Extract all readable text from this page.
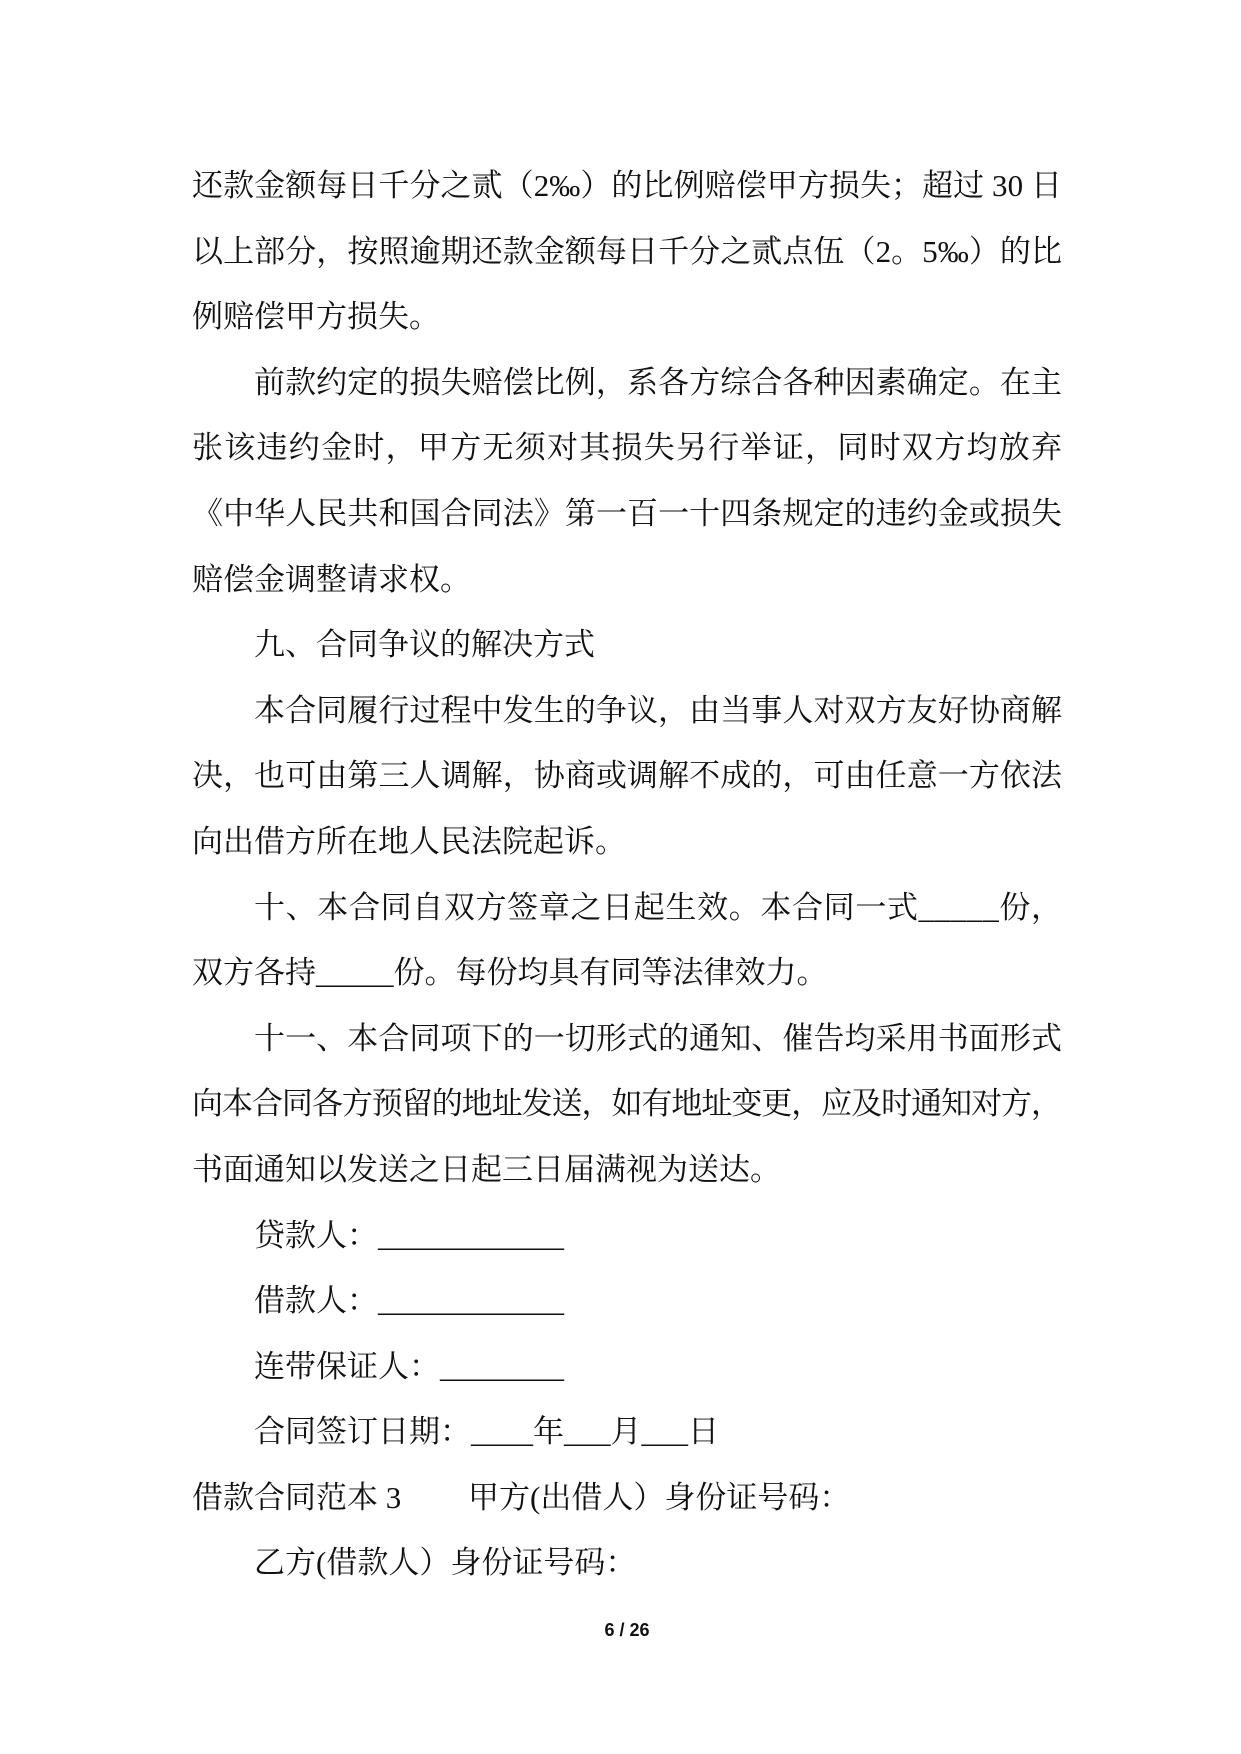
还款金额每日千分之贰（2‰）的比例赔偿甲方损失；超过 30 日
以上部分，按照逾期还款金额每日千分之贰点伍（2。5‰）的比
例赔偿甲方损失。
前款约定的损失赔偿比例，系各方综合各种因素确定。在主
张该违约金时，甲方无须对其损失另行举证，同时双方均放弃
《中华人民共和国合同法》第一百一十四条规定的违约金或损失
赔偿金调整请求权。
九、合同争议的解决方式
本合同履行过程中发生的争议，由当事人对双方友好协商解
决，也可由第三人调解，协商或调解不成的，可由任意一方依法
向出借方所在地人民法院起诉。
十、本合同自双方签章之日起生效。本合同一式_____份，
双方各持_____份。每份均具有同等法律效力。
十一、本合同项下的一切形式的通知、催告均采用书面形式
向本合同各方预留的地址发送，如有地址变更，应及时通知对方，
书面通知以发送之日起三日届满视为送达。
贷款人：____________
借款人：____________
连带保证人：________
合同签订日期：____年___月___日
借款合同范本 3 甲方(出借人）身份证号码：
乙方(借款人）身份证号码：
6 / 26
